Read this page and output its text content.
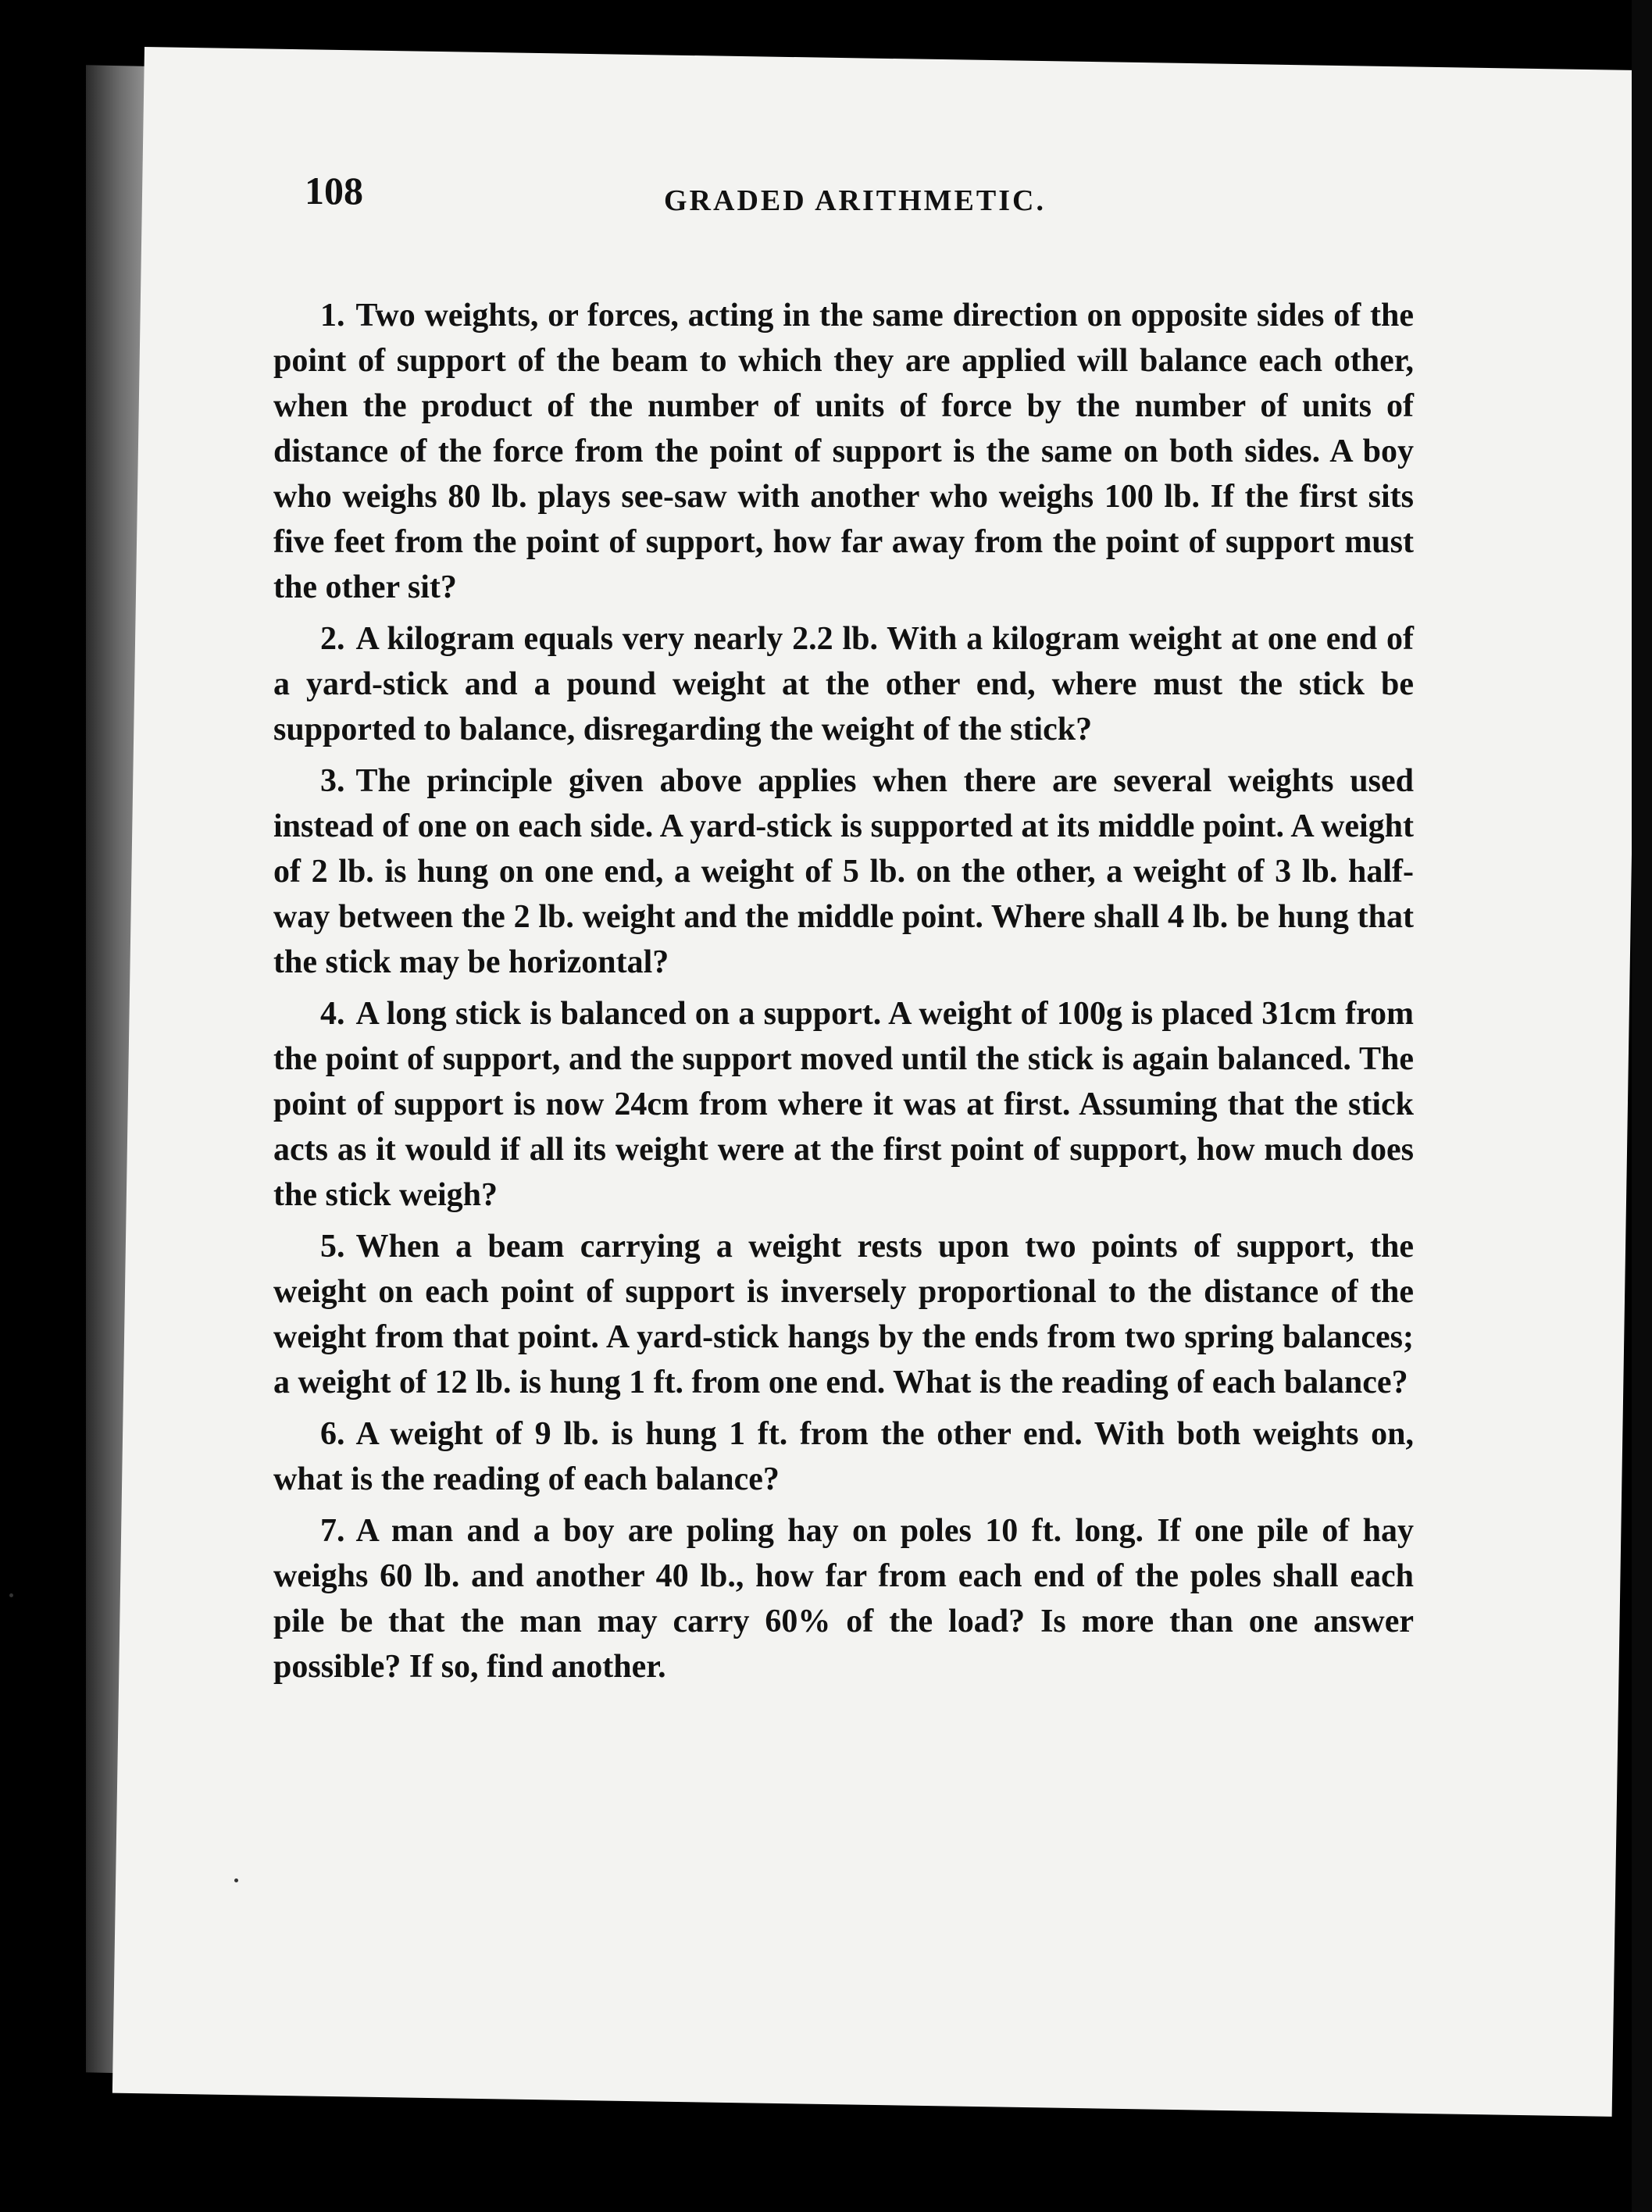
108	GRADED ARITHMETIC.

1. Two weights, or forces, acting in the same direction on opposite sides of the point of support of the beam to which they are applied will balance each other, when the product of the number of units of force by the number of units of distance of the force from the point of support is the same on both sides. A boy who weighs 80 lb. plays see-saw with another who weighs 100 lb. If the first sits five feet from the point of support, how far away from the point of support must the other sit?

2. A kilogram equals very nearly 2.2 lb. With a kilogram weight at one end of a yard-stick and a pound weight at the other end, where must the stick be supported to balance, disregarding the weight of the stick?

3. The principle given above applies when there are several weights used instead of one on each side. A yard-stick is supported at its middle point. A weight of 2 lb. is hung on one end, a weight of 5 lb. on the other, a weight of 3 lb. half-way between the 2 lb. weight and the middle point. Where shall 4 lb. be hung that the stick may be horizontal?

4. A long stick is balanced on a support. A weight of 100g is placed 31cm from the point of support, and the support moved until the stick is again balanced. The point of support is now 24cm from where it was at first. Assuming that the stick acts as it would if all its weight were at the first point of support, how much does the stick weigh?

5. When a beam carrying a weight rests upon two points of support, the weight on each point of support is inversely proportional to the distance of the weight from that point. A yard-stick hangs by the ends from two spring balances; a weight of 12 lb. is hung 1 ft. from one end. What is the reading of each balance?

6. A weight of 9 lb. is hung 1 ft. from the other end. With both weights on, what is the reading of each balance?

7. A man and a boy are poling hay on poles 10 ft. long. If one pile of hay weighs 60 lb. and another 40 lb., how far from each end of the poles shall each pile be that the man may carry 60% of the load? Is more than one answer possible? If so, find another.
